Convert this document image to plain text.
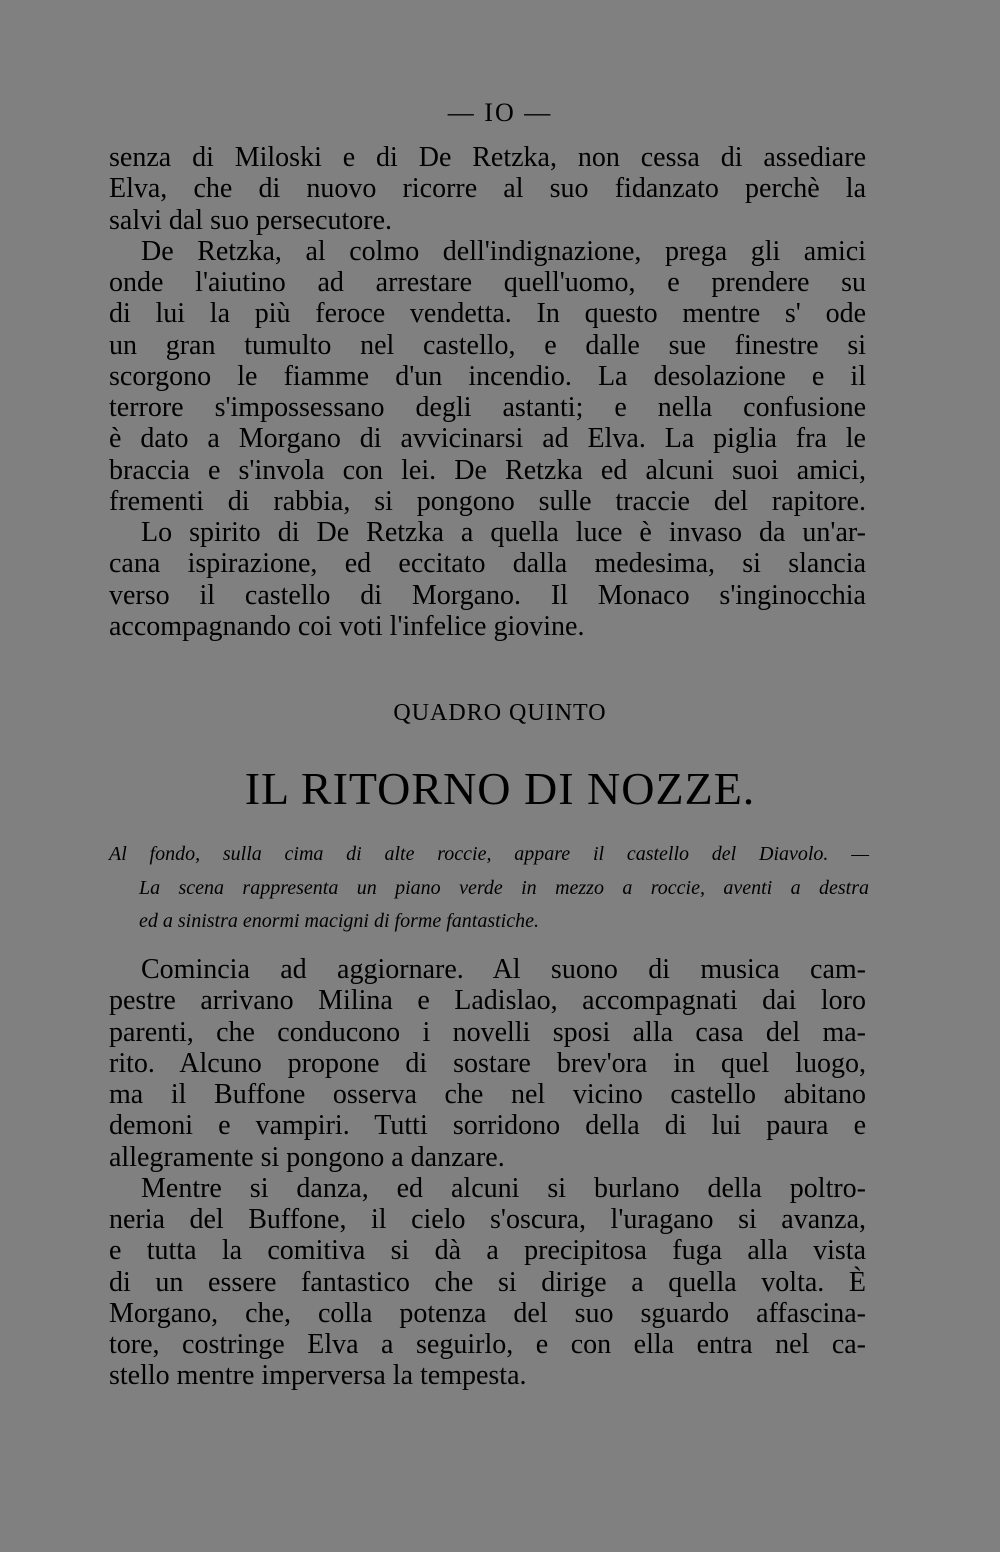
— IO —
senza di Miloski e di De Retzka, non cessa di assediare
Elva, che di nuovo ricorre al suo fidanzato perchè la
salvi dal suo persecutore.
De Retzka, al colmo dell'indignazione, prega gli amici
onde l'aiutino ad arrestare quell'uomo, e prendere su
di lui la più feroce vendetta. In questo mentre s' ode
un gran tumulto nel castello, e dalle sue finestre si
scorgono le fiamme d'un incendio. La desolazione e il
terrore s'impossessano degli astanti; e nella confusione
è dato a Morgano di avvicinarsi ad Elva. La piglia fra le
braccia e s'invola con lei. De Retzka ed alcuni suoi amici,
frementi di rabbia, si pongono sulle traccie del rapitore.
Lo spirito di De Retzka a quella luce è invaso da un'ar-
cana ispirazione, ed eccitato dalla medesima, si slancia
verso il castello di Morgano. Il Monaco s'inginocchia
accompagnando coi voti l'infelice giovine.
QUADRO QUINTO
IL RITORNO DI NOZZE.
Al fondo, sulla cima di alte roccie, appare il castello del Diavolo. —
La scena rappresenta un piano verde in mezzo a roccie, aventi a destra
ed a sinistra enormi macigni di forme fantastiche.
Comincia ad aggiornare. Al suono di musica cam-
pestre arrivano Milina e Ladislao, accompagnati dai loro
parenti, che conducono i novelli sposi alla casa del ma-
rito. Alcuno propone di sostare brev'ora in quel luogo,
ma il Buffone osserva che nel vicino castello abitano
demoni e vampiri. Tutti sorridono della di lui paura e
allegramente si pongono a danzare.
Mentre si danza, ed alcuni si burlano della poltro-
neria del Buffone, il cielo s'oscura, l'uragano si avanza,
e tutta la comitiva si dà a precipitosa fuga alla vista
di un essere fantastico che si dirige a quella volta. È
Morgano, che, colla potenza del suo sguardo affascina-
tore, costringe Elva a seguirlo, e con ella entra nel ca-
stello mentre imperversa la tempesta.
